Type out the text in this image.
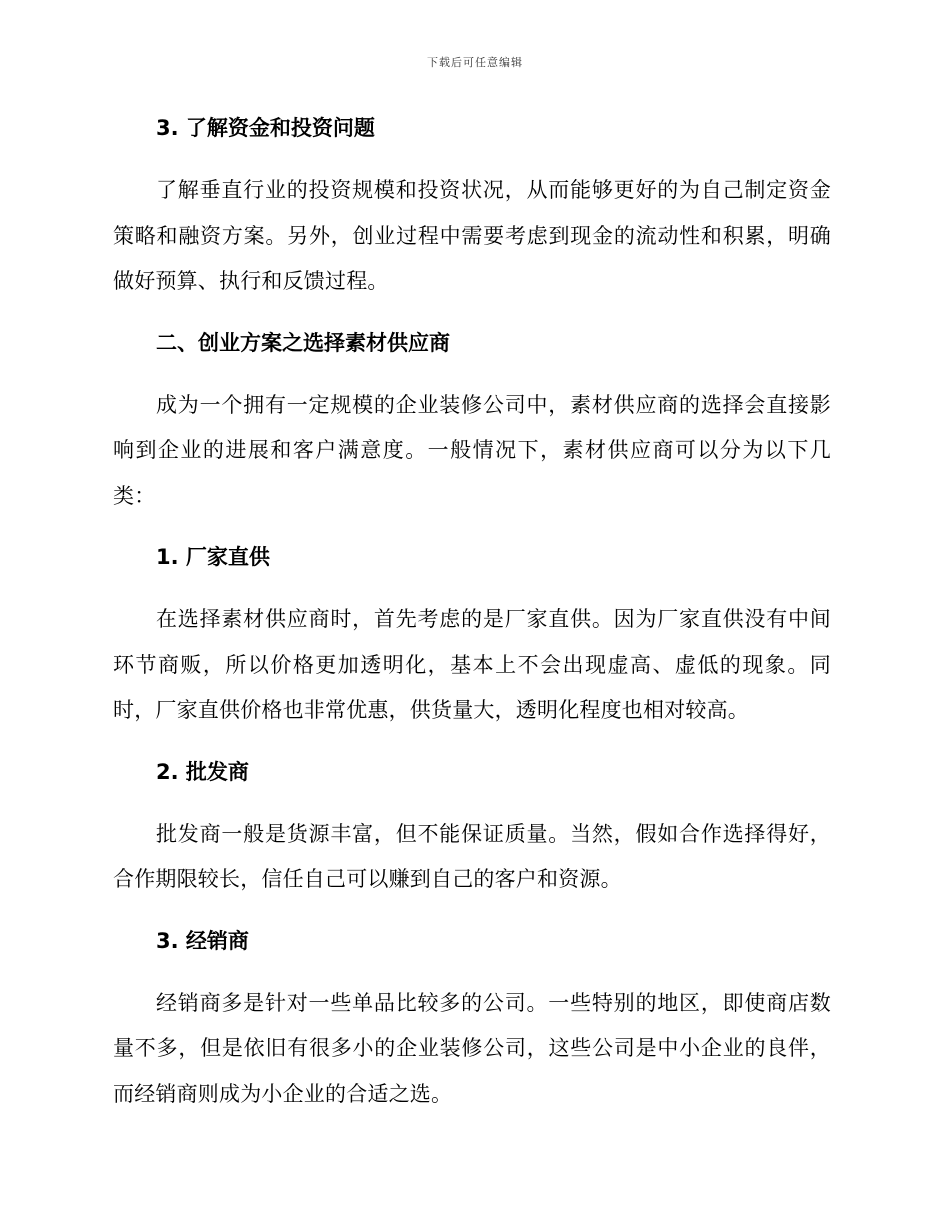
下载后可任意编辑
3. 了解资金和投资问题

了解垂直行业的投资规模和投资状况，从而能够更好的为自己制定资金策略和融资方案。另外，创业过程中需要考虑到现金的流动性和积累，明确做好预算、执行和反馈过程。

二、创业方案之选择素材供应商

成为一个拥有一定规模的企业装修公司中，素材供应商的选择会直接影响到企业的进展和客户满意度。一般情况下，素材供应商可以分为以下几类：

1. 厂家直供

在选择素材供应商时，首先考虑的是厂家直供。因为厂家直供没有中间环节商贩，所以价格更加透明化，基本上不会出现虚高、虚低的现象。同时，厂家直供价格也非常优惠，供货量大，透明化程度也相对较高。

2. 批发商

批发商一般是货源丰富，但不能保证质量。当然，假如合作选择得好，合作期限较长，信任自己可以赚到自己的客户和资源。

3. 经销商

经销商多是针对一些单品比较多的公司。一些特别的地区，即使商店数量不多，但是依旧有很多小的企业装修公司，这些公司是中小企业的良伴，而经销商则成为小企业的合适之选。
